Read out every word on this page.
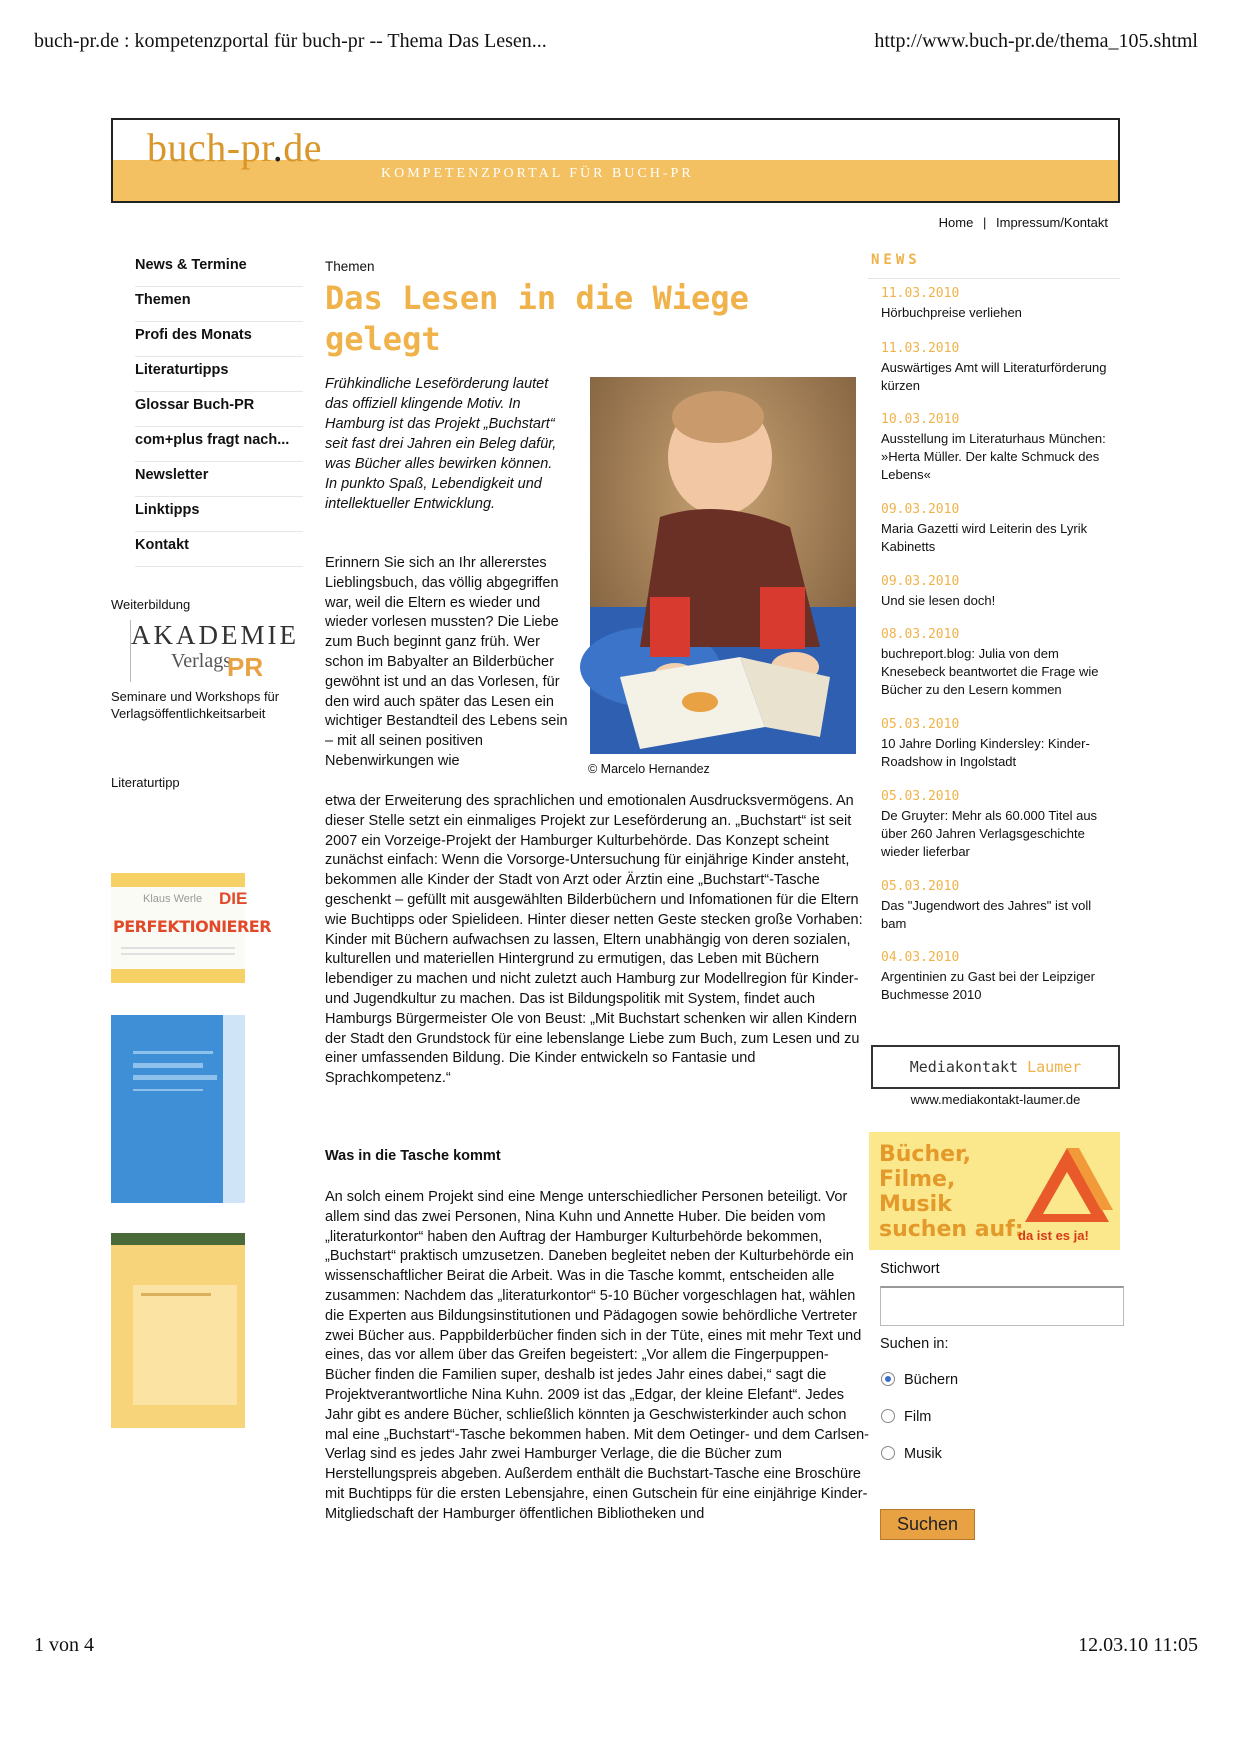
buch-pr.de : kompetenzportal für buch-pr -- Thema Das Lesen...	http://www.buch-pr.de/thema_105.shtml
buch-pr.de
KOMPETENZPORTAL FÜR BUCH-PR
Home | Impressum/Kontakt
News & Termine
Themen
Profi des Monats
Literaturtipps
Glossar Buch-PR
com+plus fragt nach...
Newsletter
Linktipps
Kontakt
Weiterbildung
AKADEMIE
Verlags
PR
Seminare und Workshops für Verlagsöffentlichkeitsarbeit
Literaturtipp
Klaus Werle DIE
PERFEKTIONIERER
Themen
Das Lesen in die Wiege gelegt
Frühkindliche Leseförderung lautet das offiziell klingende Motiv. In Hamburg ist das Projekt „Buchstart“ seit fast drei Jahren ein Beleg dafür, was Bücher alles bewirken können. In punkto Spaß, Lebendigkeit und intellektueller Entwicklung.
© Marcelo Hernandez
Erinnern Sie sich an Ihr allererstes Lieblingsbuch, das völlig abgegriffen war, weil die Eltern es wieder und wieder vorlesen mussten? Die Liebe zum Buch beginnt ganz früh. Wer schon im Babyalter an Bilderbücher gewöhnt ist und an das Vorlesen, für den wird auch später das Lesen ein wichtiger Bestandteil des Lebens sein – mit all seinen positiven Nebenwirkungen wie
etwa der Erweiterung des sprachlichen und emotionalen Ausdrucksvermögens. An dieser Stelle setzt ein einmaliges Projekt zur Leseförderung an. „Buchstart“ ist seit 2007 ein Vorzeige-Projekt der Hamburger Kulturbehörde. Das Konzept scheint zunächst einfach: Wenn die Vorsorge-Untersuchung für einjährige Kinder ansteht, bekommen alle Kinder der Stadt von Arzt oder Ärztin eine „Buchstart“-Tasche geschenkt – gefüllt mit ausgewählten Bilderbüchern und Infomationen für die Eltern wie Buchtipps oder Spielideen. Hinter dieser netten Geste stecken große Vorhaben: Kinder mit Büchern aufwachsen zu lassen, Eltern unabhängig von deren sozialen, kulturellen und materiellen Hintergrund zu ermutigen, das Leben mit Büchern lebendiger zu machen und nicht zuletzt auch Hamburg zur Modellregion für Kinder- und Jugendkultur zu machen. Das ist Bildungspolitik mit System, findet auch Hamburgs Bürgermeister Ole von Beust: „Mit Buchstart schenken wir allen Kindern der Stadt den Grundstock für eine lebenslange Liebe zum Buch, zum Lesen und zu einer umfassenden Bildung. Die Kinder entwickeln so Fantasie und Sprachkompetenz.“
Was in die Tasche kommt
An solch einem Projekt sind eine Menge unterschiedlicher Personen beteiligt. Vor allem sind das zwei Personen, Nina Kuhn und Annette Huber. Die beiden vom „literaturkontor“ haben den Auftrag der Hamburger Kulturbehörde bekommen, „Buchstart“ praktisch umzusetzen. Daneben begleitet neben der Kulturbehörde ein wissenschaftlicher Beirat die Arbeit. Was in die Tasche kommt, entscheiden alle zusammen: Nachdem das „literaturkontor“ 5-10 Bücher vorgeschlagen hat, wählen die Experten aus Bildungsinstitutionen und Pädagogen sowie behördliche Vertreter zwei Bücher aus. Pappbilderbücher finden sich in der Tüte, eines mit mehr Text und eines, das vor allem über das Greifen begeistert: „Vor allem die Fingerpuppen-Bücher finden die Familien super, deshalb ist jedes Jahr eines dabei,“ sagt die Projektverantwortliche Nina Kuhn. 2009 ist das „Edgar, der kleine Elefant“. Jedes Jahr gibt es andere Bücher, schließlich könnten ja Geschwisterkinder auch schon mal eine „Buchstart“-Tasche bekommen haben. Mit dem Oetinger- und dem Carlsen-Verlag sind es jedes Jahr zwei Hamburger Verlage, die die Bücher zum Herstellungspreis abgeben. Außerdem enthält die Buchstart-Tasche eine Broschüre mit Buchtipps für die ersten Lebensjahre, einen Gutschein für eine einjährige Kinder-Mitgliedschaft der Hamburger öffentlichen Bibliotheken und
NEWS
11.03.2010
Hörbuchpreise verliehen
11.03.2010
Auswärtiges Amt will Literaturförderung kürzen
10.03.2010
Ausstellung im Literaturhaus München: »Herta Müller. Der kalte Schmuck des Lebens«
09.03.2010
Maria Gazetti wird Leiterin des Lyrik Kabinetts
09.03.2010
Und sie lesen doch!
08.03.2010
buchreport.blog: Julia von dem Knesebeck beantwortet die Frage wie Bücher zu den Lesern kommen
05.03.2010
10 Jahre Dorling Kindersley: Kinder-Roadshow in Ingolstadt
05.03.2010
De Gruyter: Mehr als 60.000 Titel aus über 260 Jahren Verlagsgeschichte wieder lieferbar
05.03.2010
Das "Jugendwort des Jahres" ist voll bam
04.03.2010
Argentinien zu Gast bei der Leipziger Buchmesse 2010
Mediakontakt Laumer
www.mediakontakt-laumer.de
Bücher,
Filme,
Musik
suchen auf:
da ist es ja!
Stichwort
Suchen in:
Büchern
Film
Musik
Suchen
1 von 4	12.03.10 11:05
